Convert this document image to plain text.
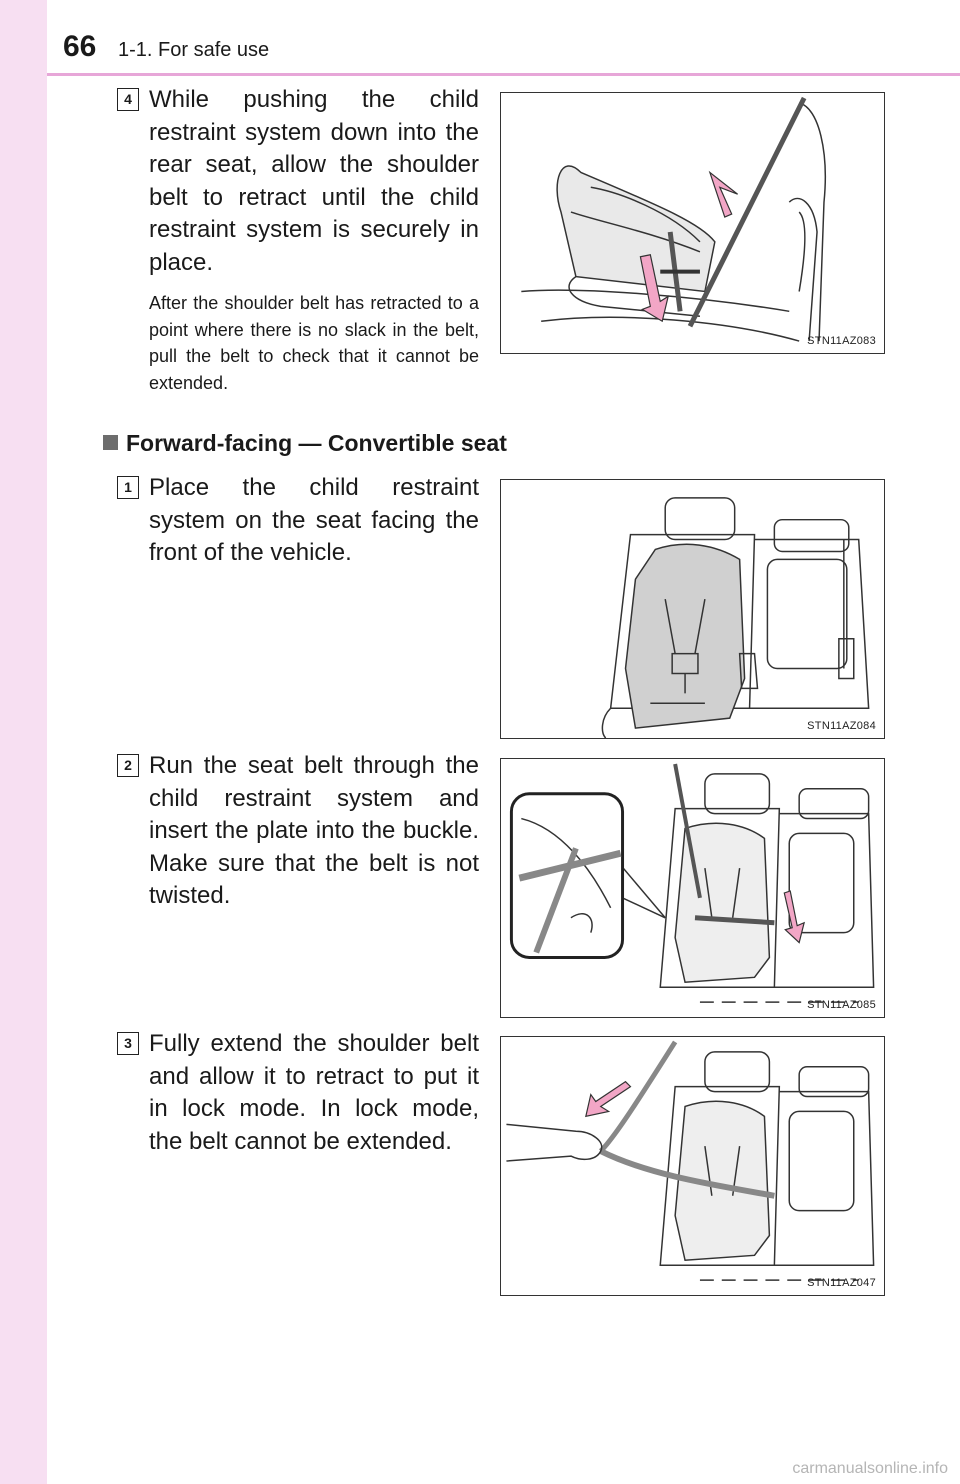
66 1-1. For safe use
4 While pushing the child restraint system down into the rear seat, allow the shoulder belt to retract until the child restraint system is securely in place.

After the shoulder belt has retracted to a point where there is no slack in the belt, pull the belt to check that it cannot be extended.

STN11AZ083
Forward-facing — Convertible seat
1 Place the child restraint system on the seat facing the front of the vehicle.

STN11AZ084
2 Run the seat belt through the child restraint system and insert the plate into the buckle. Make sure that the belt is not twisted.

STN11AZ085
3 Fully extend the shoulder belt and allow it to retract to put it in lock mode. In lock mode, the belt cannot be extended.

STN11AZ047
carmanualsonline.info
